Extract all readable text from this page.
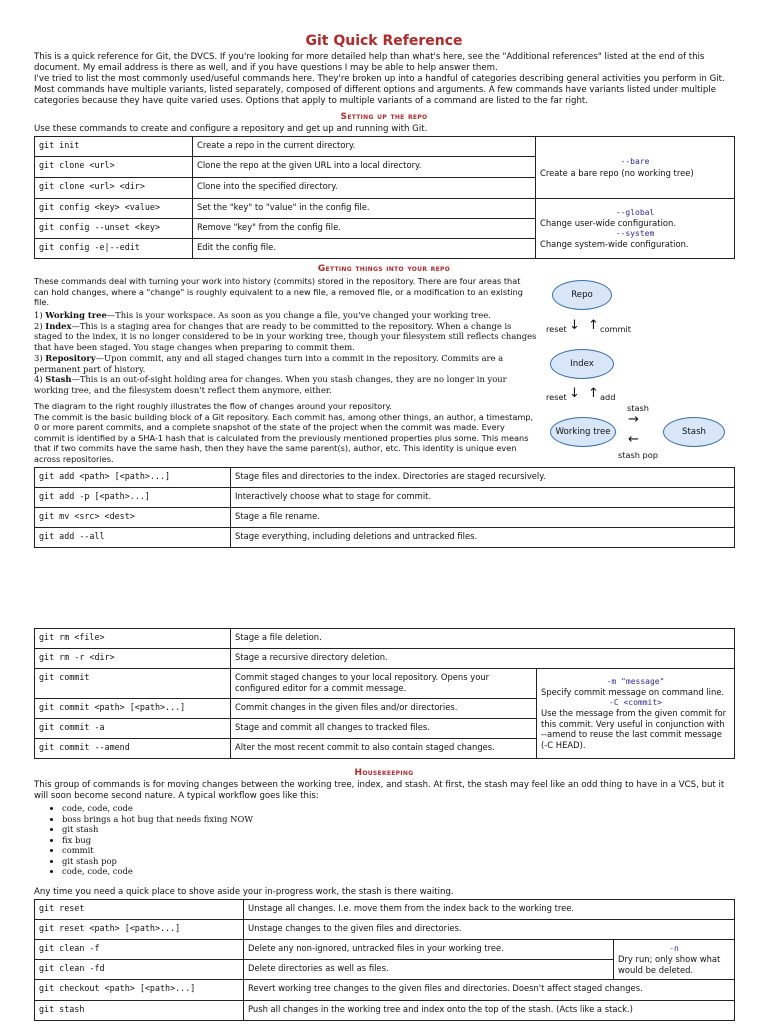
Git Quick Reference
This is a quick reference for Git, the DVCS. If you're looking for more detailed help than what's here, see the "Additional references" listed at the end of this document. My email address is there as well, and if you have questions I may be able to help answer them.
I've tried to list the most commonly used/useful commands here. They're broken up into a handful of categories describing general activities you perform in Git. Most commands have multiple variants, listed separately, composed of different options and arguments. A few commands have variants listed under multiple categories because they have quite varied uses. Options that apply to multiple variants of a command are listed to the far right.
Setting up the repo
Use these commands to create and configure a repository and get up and running with Git.
git init	Create a repo in the current directory.	--bare
Create a bare repo (no working tree)
git clone <url>	Clone the repo at the given URL into a local directory.	
git clone <url> <dir>	Clone into the specified directory.	
git config <key> <value>	Set the "key" to "value" in the config file.	--global
Change user-wide configuration.
--system
Change system-wide configuration.
git config --unset <key>	Remove "key" from the config file.	
git config -e|--edit	Edit the config file.	
Getting things into your repo
These commands deal with turning your work into history (commits) stored in the repository. There are four areas that can hold changes, where a "change" is roughly equivalent to a new file, a removed file, or a modification to an existing file.
1) Working tree—This is your workspace. As soon as you change a file, you've changed your working tree.
2) Index—This is a staging area for changes that are ready to be committed to the repository. When a change is staged to the index, it is no longer considered to be in your working tree, though your filesystem still reflects changes that have been staged. You stage changes when preparing to commit them.
3) Repository—Upon commit, any and all staged changes turn into a commit in the repository. Commits are a permanent part of history.
4) Stash—This is an out-of-sight holding area for changes. When you stash changes, they are no longer in your working tree, and the filesystem doesn't reflect them anymore, either.
The diagram to the right roughly illustrates the flow of changes around your repository.
The commit is the basic building block of a Git repository. Each commit has, among other things, an author, a timestamp, 0 or more parent commits, and a complete snapshot of the state of the project when the commit was made. Every commit is identified by a SHA-1 hash that is calculated from the previously mentioned properties plus some. This means that if two commits have the same hash, then they have the same parent(s), author, etc. This identity is unique even across repositories.
Repo
Index
Working tree	Stash
reset ↓ ↑ commit
reset ↓ ↑ add
stash
→
←
stash pop
git add <path> [<path>...]	Stage files and directories to the index. Directories are staged recursively.
git add -p [<path>...]	Interactively choose what to stage for commit.
git mv <src> <dest>	Stage a file rename.
git add --all	Stage everything, including deletions and untracked files.
git rm <file>	Stage a file deletion.	
git rm -r <dir>	Stage a recursive directory deletion.	
git commit	Commit staged changes to your local repository. Opens your configured editor for a commit message.	-m "message"
Specify commit message on command line.
-C <commit>
Use the message from the given commit for this commit. Very useful in conjunction with --amend to reuse the last commit message (-C HEAD).
git commit <path> [<path>...]	Commit changes in the given files and/or directories.	
git commit -a	Stage and commit all changes to tracked files.	
git commit --amend	Alter the most recent commit to also contain staged changes.	
Housekeeping
This group of commands is for moving changes between the working tree, index, and stash. At first, the stash may feel like an odd thing to have in a VCS, but it will soon become second nature. A typical workflow goes like this:
• code, code, code
• boss brings a hot bug that needs fixing NOW
• git stash
• fix bug
• commit
• git stash pop
• code, code, code
Any time you need a quick place to shove aside your in-progress work, the stash is there waiting.
git reset	Unstage all changes. I.e. move them from the index back to the working tree.	
git reset <path> [<path>...]	Unstage changes to the given files and directories.	
git clean -f	Delete any non-ignored, untracked files in your working tree.	-n
Dry run; only show what would be deleted.
git clean -fd	Delete directories as well as files.	
git checkout <path> [<path>...]	Revert working tree changes to the given files and directories. Doesn't affect staged changes.	
git stash	Push all changes in the working tree and index onto the top of the stash. (Acts like a stack.)	
